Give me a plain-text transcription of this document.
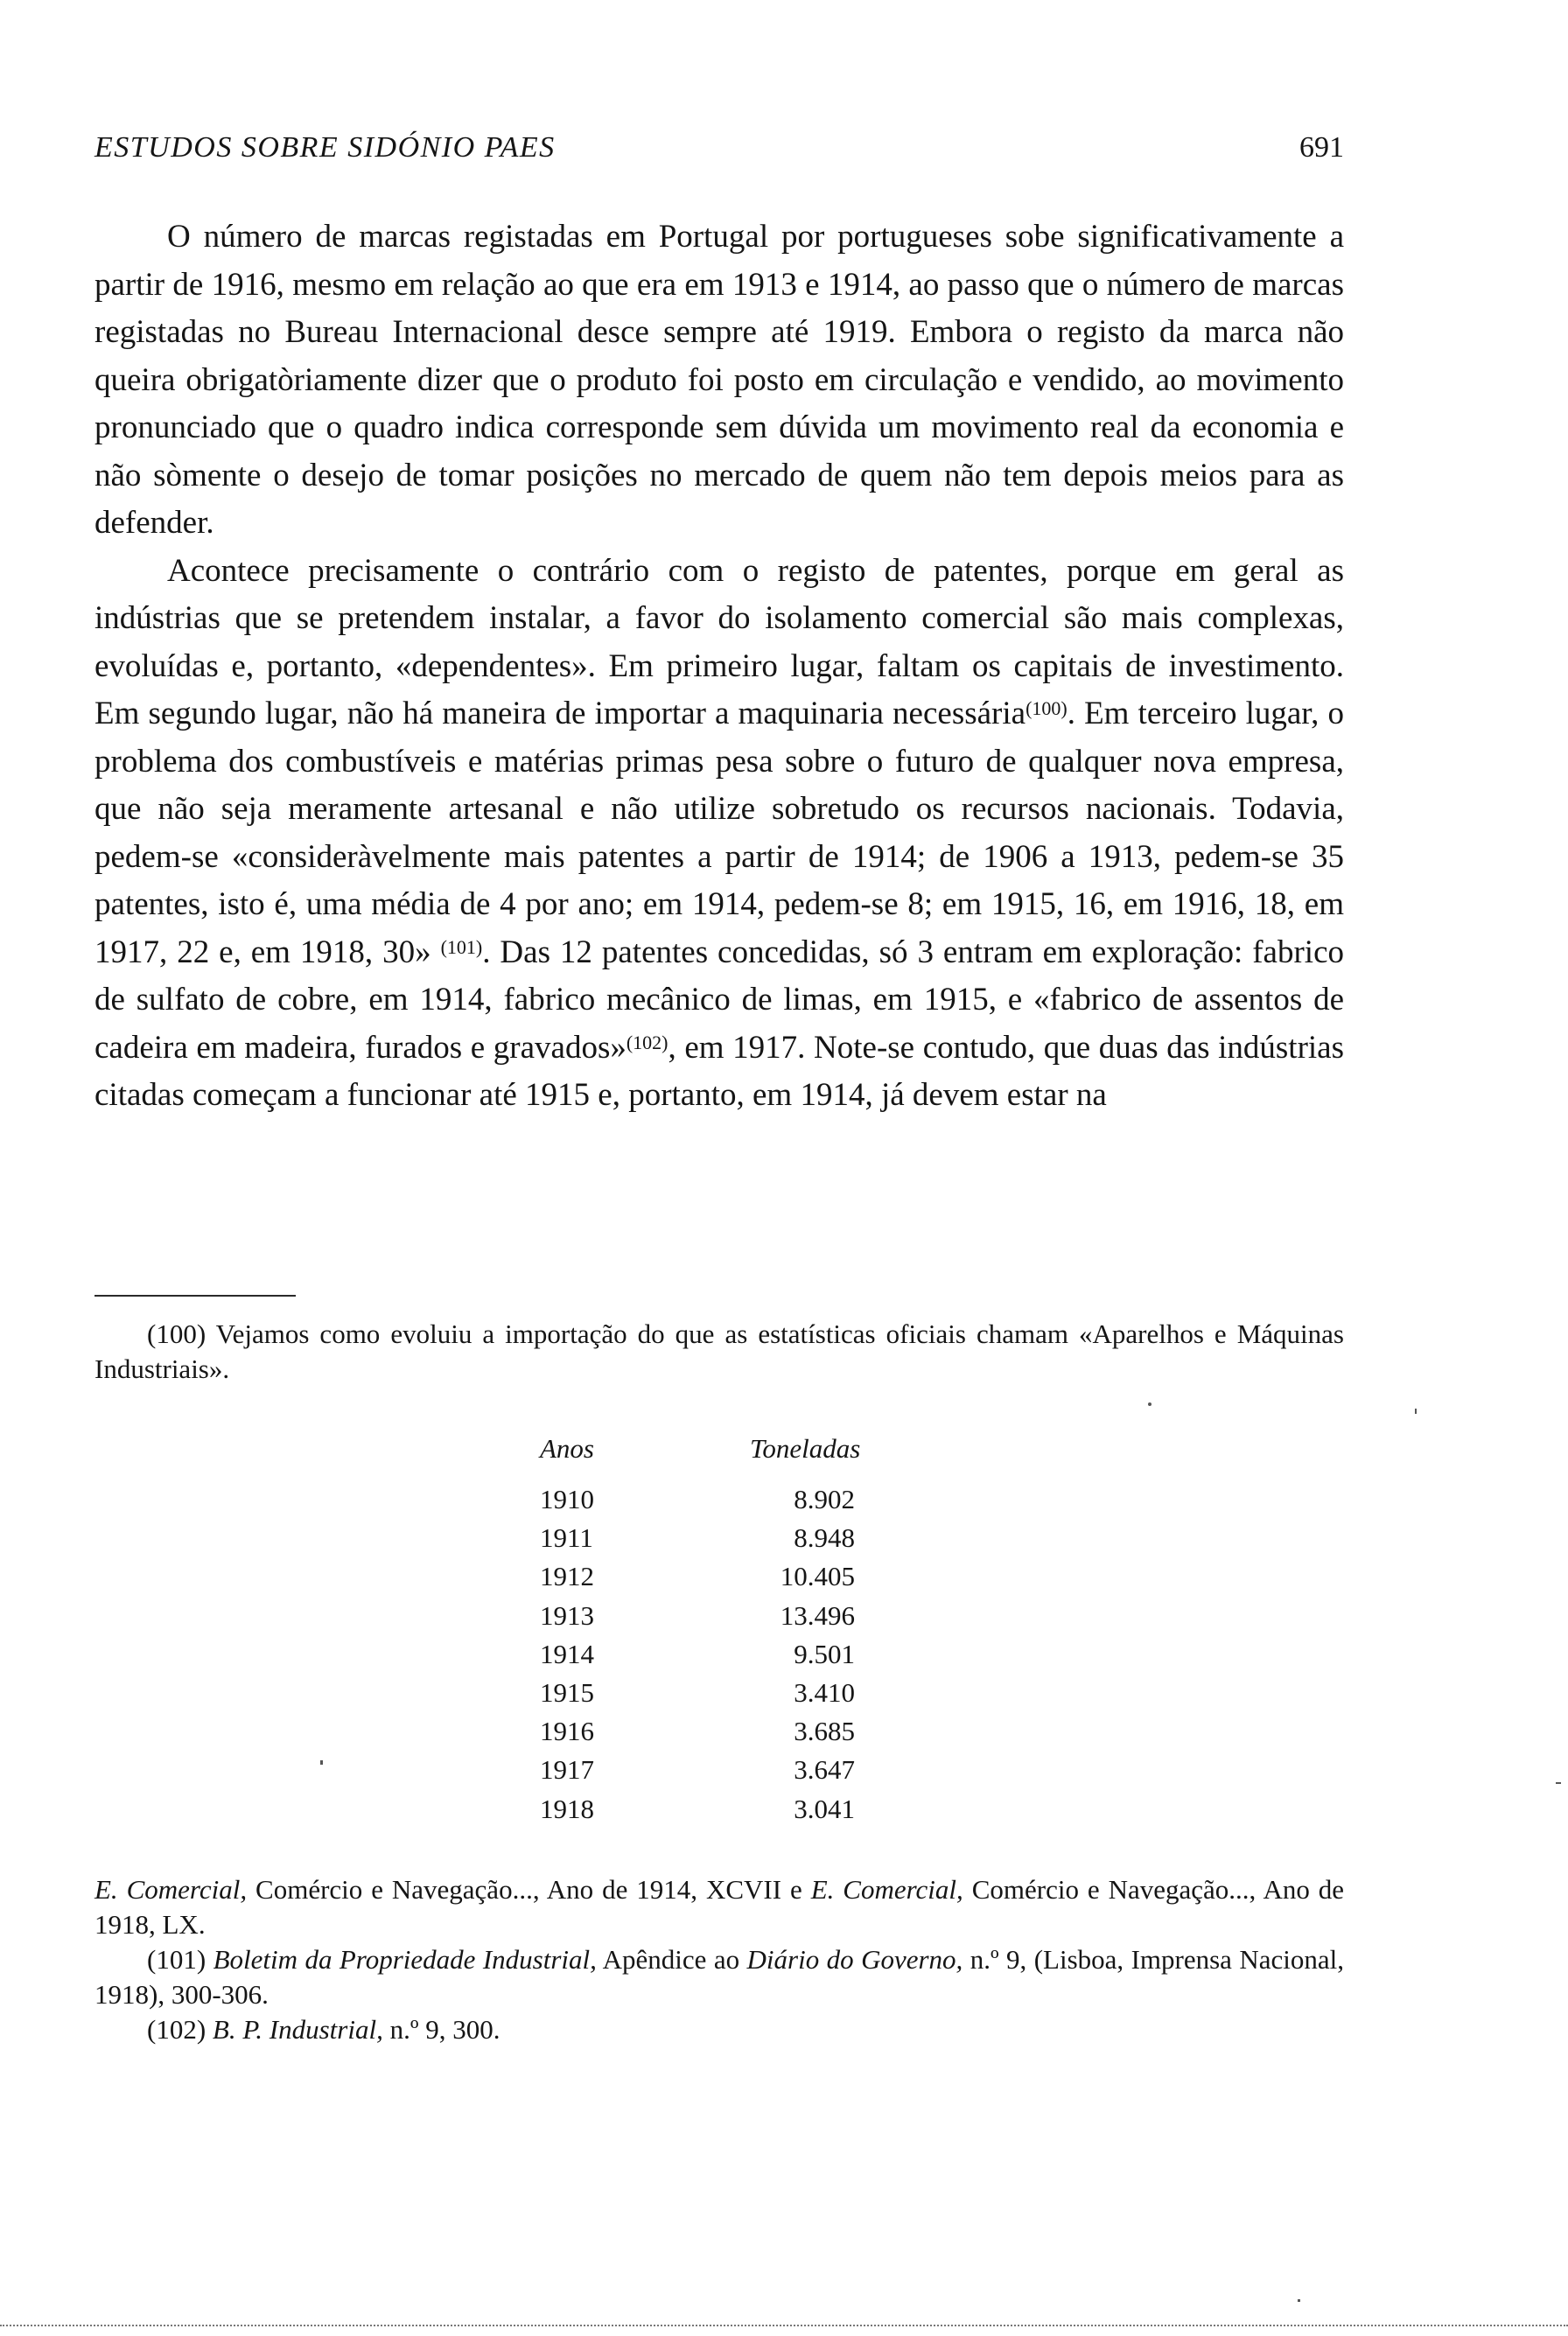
ESTUDOS SOBRE SIDÓNIO PAES	691

O número de marcas registadas em Portugal por portugueses sobe significativamente a partir de 1916, mesmo em relação ao que era em 1913 e 1914, ao passo que o número de marcas registadas no Bureau Internacional desce sempre até 1919. Embora o registo da marca não queira obrigatòriamente dizer que o produto foi posto em circulação e vendido, ao movimento pronunciado que o quadro indica corresponde sem dúvida um movimento real da economia e não sòmente o desejo de tomar posições no mercado de quem não tem depois meios para as defender.

Acontece precisamente o contrário com o registo de patentes, porque em geral as indústrias que se pretendem instalar, a favor do isolamento comercial são mais complexas, evoluídas e, portanto, «dependentes». Em primeiro lugar, faltam os capitais de investimento. Em segundo lugar, não há maneira de importar a maquinaria necessária$^{(100)}$. Em terceiro lugar, o problema dos combustíveis e matérias primas pesa sobre o futuro de qualquer nova empresa, que não seja meramente artesanal e não utilize sobretudo os recursos nacionais. Todavia, pedem-se «consideràvelmente mais patentes a partir de 1914; de 1906 a 1913, pedem-se 35 patentes, isto é, uma média de 4 por ano; em 1914, pedem-se 8; em 1915, 16, em 1916, 18, em 1917, 22 e, em 1918, 30» $^{(101)}$. Das 12 patentes concedidas, só 3 entram em exploração: fabrico de sulfato de cobre, em 1914, fabrico mecânico de limas, em 1915, e «fabrico de assentos de cadeira em madeira, furados e gravados»$^{(102)}$, em 1917. Note-se contudo, que duas das indústrias citadas começam a funcionar até 1915 e, portanto, em 1914, já devem estar na

(100) Vejamos como evoluiu a importação do que as estatísticas oficiais chamam «Aparelhos e Máquinas Industriais».

Anos	Toneladas
1910	8.902
1911	8.948
1912	10.405
1913	13.496
1914	9.501
1915	3.410
1916	3.685
1917	3.647
1918	3.041

E. Comercial, Comércio e Navegação..., Ano de 1914, XCVII e E. Comercial, Comércio e Navegação..., Ano de 1918, LX.

(101) Boletim da Propriedade Industrial, Apêndice ao Diário do Governo, n.º 9, (Lisboa, Imprensa Nacional, 1918), 300-306.

(102) B. P. Industrial, n.º 9, 300.
